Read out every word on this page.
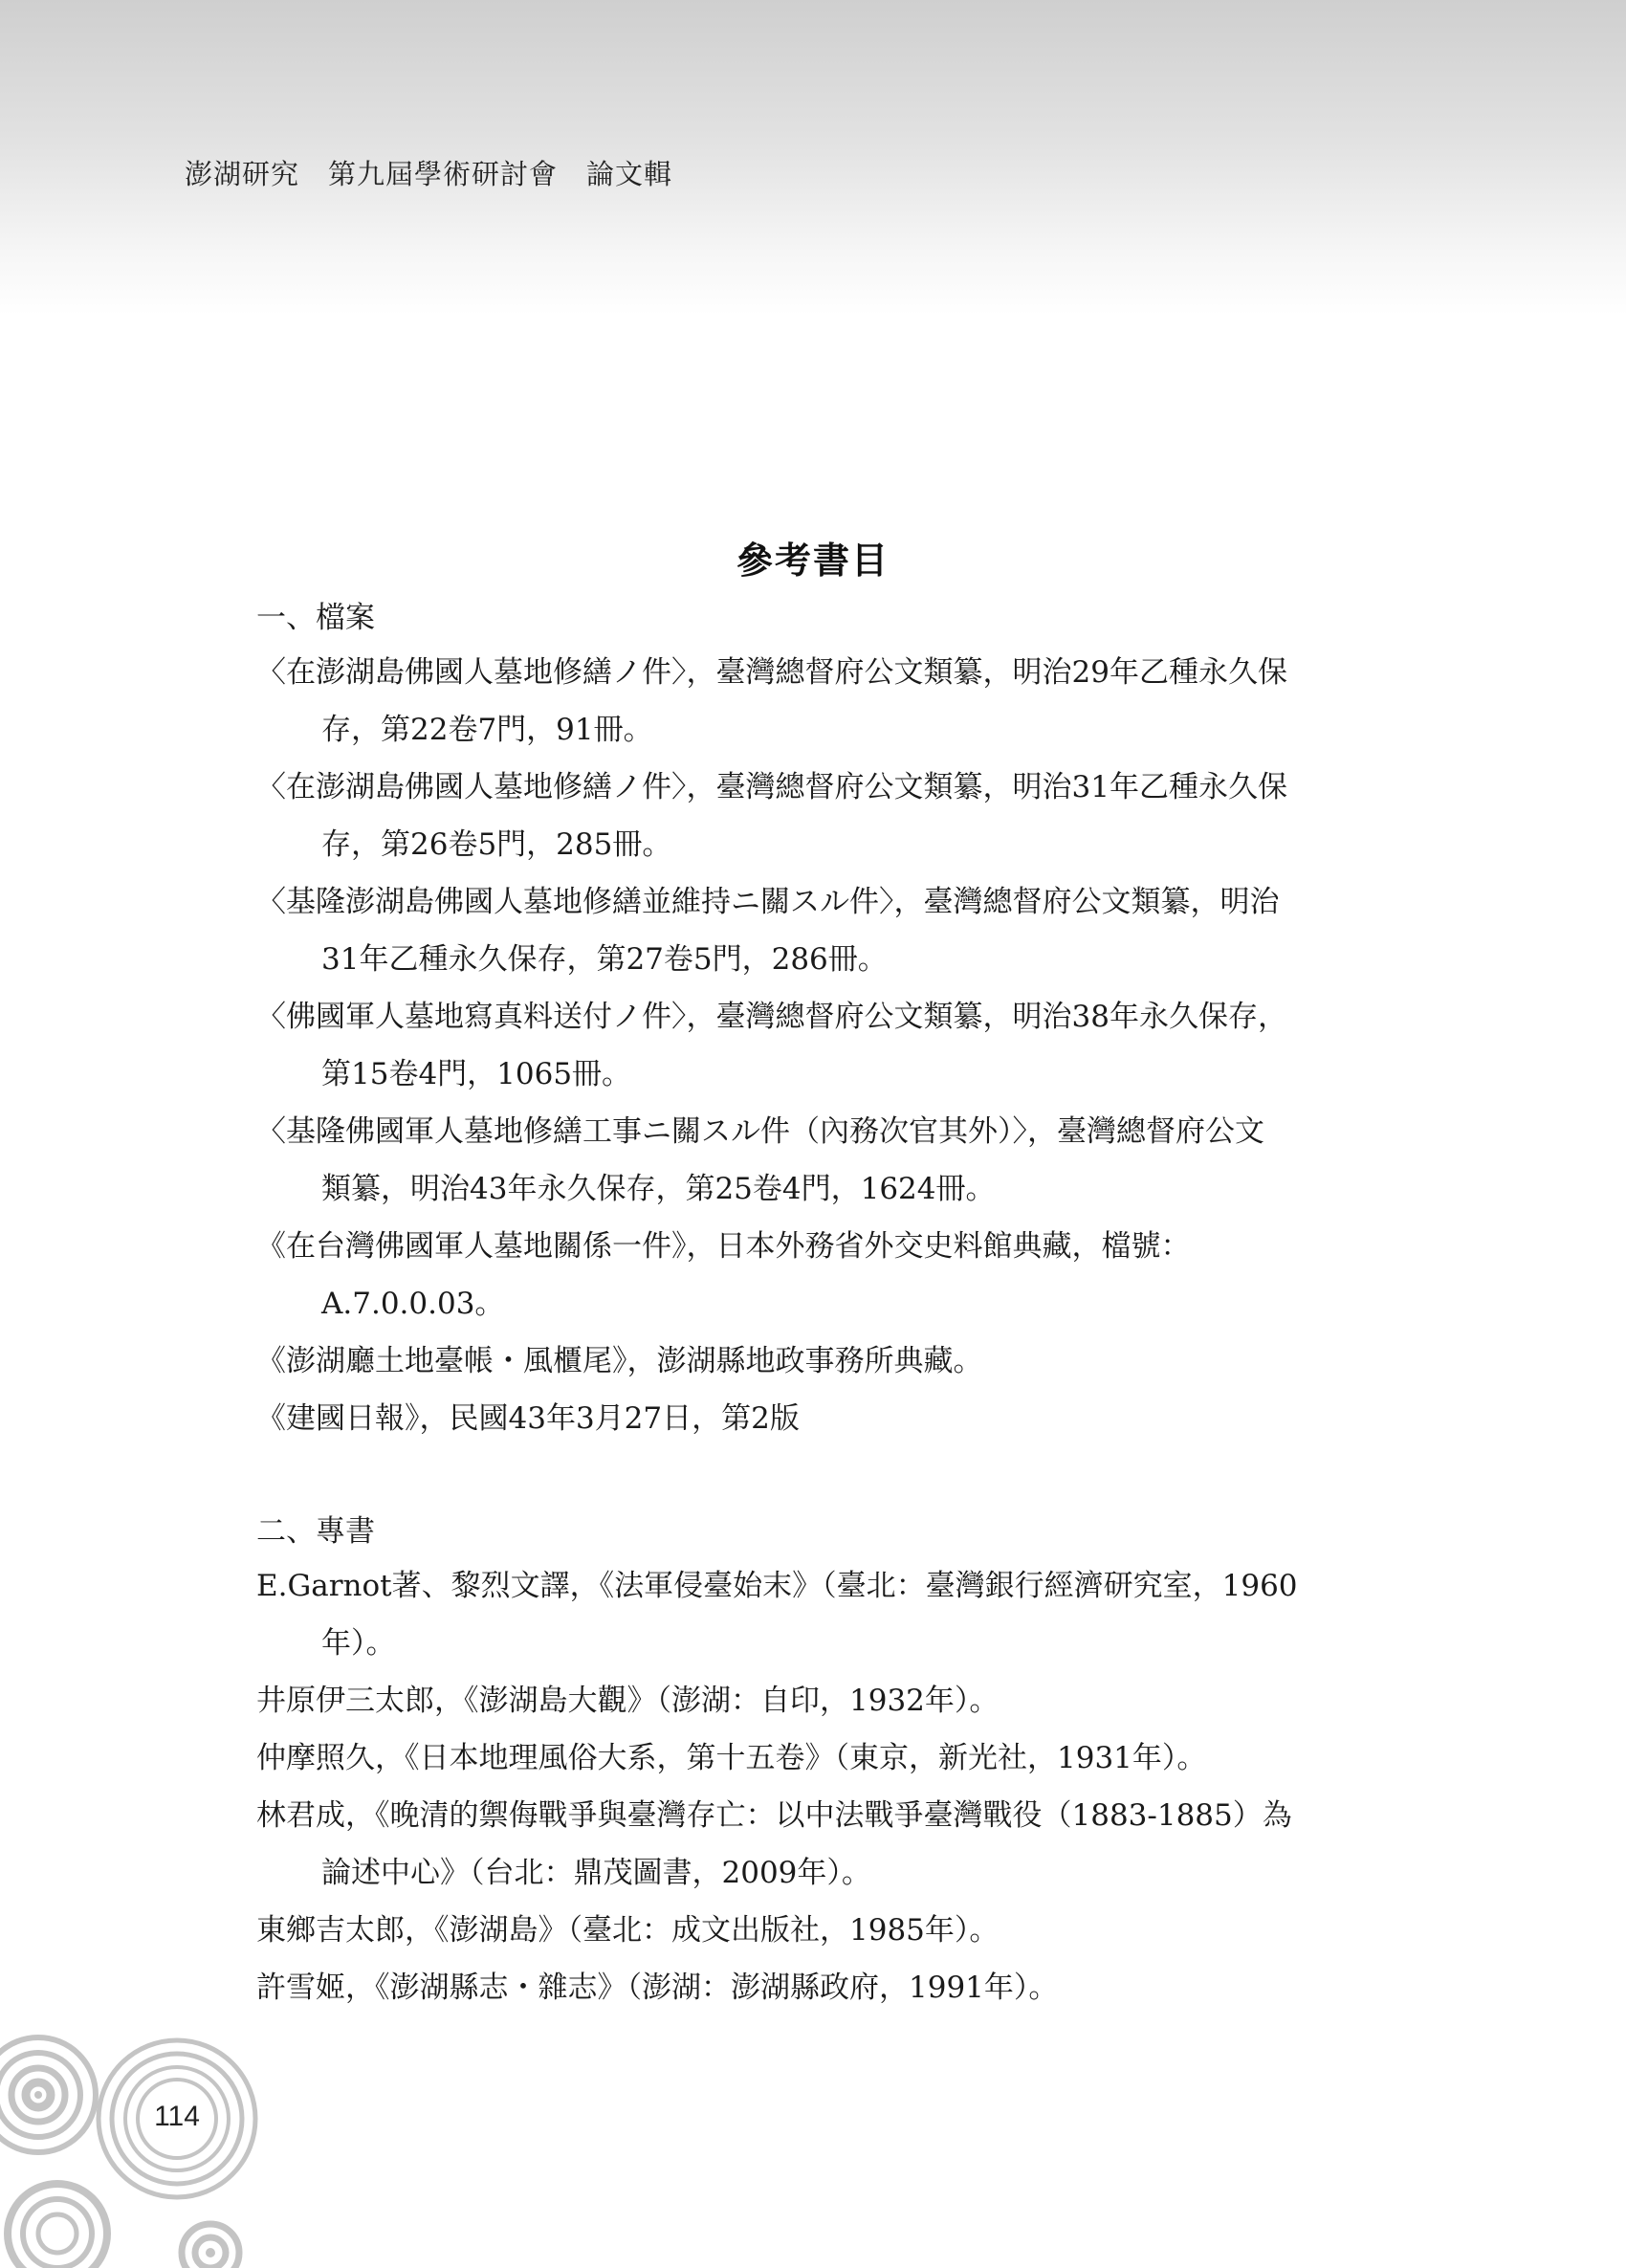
澎湖研究　第九屆學術研討會　論文輯
參考書目
一、檔案
〈在澎湖島佛國人墓地修繕ノ件〉，臺灣總督府公文類纂，明治29年乙種永久保
存，第22卷7門，91冊。
〈在澎湖島佛國人墓地修繕ノ件〉，臺灣總督府公文類纂，明治31年乙種永久保
存，第26卷5門，285冊。
〈基隆澎湖島佛國人墓地修繕並維持ニ關スル件〉，臺灣總督府公文類纂，明治
31年乙種永久保存，第27卷5門，286冊。
〈佛國軍人墓地寫真料送付ノ件〉，臺灣總督府公文類纂，明治38年永久保存，
第15卷4門，1065冊。
〈基隆佛國軍人墓地修繕工事ニ關スル件（內務次官其外）〉，臺灣總督府公文
類纂，明治43年永久保存，第25卷4門，1624冊。
《在台灣佛國軍人墓地關係一件》，日本外務省外交史料館典藏，檔號：
A.7.0.0.03。
《澎湖廳土地臺帳・風櫃尾》，澎湖縣地政事務所典藏。
《建國日報》，民國43年3月27日，第2版
二、專書
E.Garnot著、黎烈文譯，《法軍侵臺始末》（臺北：臺灣銀行經濟研究室，1960
年）。
井原伊三太郎，《澎湖島大觀》（澎湖：自印，1932年）。
仲摩照久，《日本地理風俗大系，第十五卷》（東京，新光社，1931年）。
林君成，《晚清的禦侮戰爭與臺灣存亡：以中法戰爭臺灣戰役（1883-1885）為
論述中心》（台北：鼎茂圖書，2009年）。
東鄉吉太郎，《澎湖島》（臺北：成文出版社，1985年）。
許雪姬，《澎湖縣志・雜志》（澎湖：澎湖縣政府，1991年）。
114
